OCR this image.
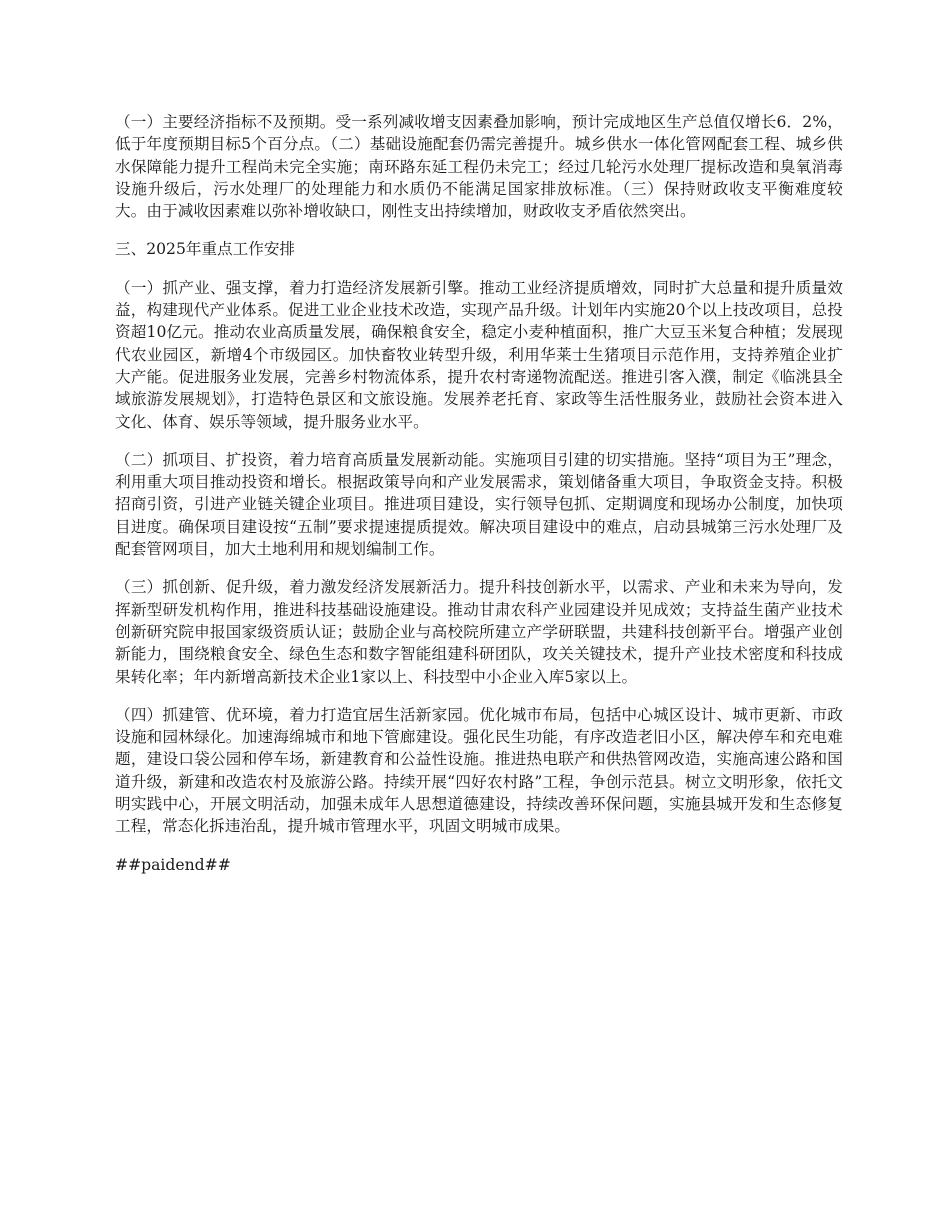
（一）主要经济指标不及预期。受一系列减收增支因素叠加影响，预计完成地区生产总值仅增长6．2%，低于年度预期目标5个百分点。（二）基础设施配套仍需完善提升。城乡供水一体化管网配套工程、城乡供水保障能力提升工程尚未完全实施；南环路东延工程仍未完工；经过几轮污水处理厂提标改造和臭氧消毒设施升级后，污水处理厂的处理能力和水质仍不能满足国家排放标准。（三）保持财政收支平衡难度较大。由于减收因素难以弥补增收缺口，刚性支出持续增加，财政收支矛盾依然突出。

三、2025年重点工作安排

（一）抓产业、强支撑，着力打造经济发展新引擎。推动工业经济提质增效，同时扩大总量和提升质量效益，构建现代产业体系。促进工业企业技术改造，实现产品升级。计划年内实施20个以上技改项目，总投资超10亿元。推动农业高质量发展，确保粮食安全，稳定小麦种植面积，推广大豆玉米复合种植；发展现代农业园区，新增4个市级园区。加快畜牧业转型升级，利用华莱士生猪项目示范作用，支持养殖企业扩大产能。促进服务业发展，完善乡村物流体系，提升农村寄递物流配送。推进引客入濮，制定《临洮县全域旅游发展规划》，打造特色景区和文旅设施。发展养老托育、家政等生活性服务业，鼓励社会资本进入文化、体育、娱乐等领域，提升服务业水平。

（二）抓项目、扩投资，着力培育高质量发展新动能。实施项目引建的切实措施。坚持“项目为王”理念，利用重大项目推动投资和增长。根据政策导向和产业发展需求，策划储备重大项目，争取资金支持。积极招商引资，引进产业链关键企业项目。推进项目建设，实行领导包抓、定期调度和现场办公制度，加快项目进度。确保项目建设按“五制”要求提速提质提效。解决项目建设中的难点，启动县城第三污水处理厂及配套管网项目，加大土地利用和规划编制工作。

（三）抓创新、促升级，着力激发经济发展新活力。提升科技创新水平，以需求、产业和未来为导向，发挥新型研发机构作用，推进科技基础设施建设。推动甘肃农科产业园建设并见成效；支持益生菌产业技术创新研究院申报国家级资质认证；鼓励企业与高校院所建立产学研联盟，共建科技创新平台。增强产业创新能力，围绕粮食安全、绿色生态和数字智能组建科研团队，攻关关键技术，提升产业技术密度和科技成果转化率；年内新增高新技术企业1家以上、科技型中小企业入库5家以上。

（四）抓建管、优环境，着力打造宜居生活新家园。优化城市布局，包括中心城区设计、城市更新、市政设施和园林绿化。加速海绵城市和地下管廊建设。强化民生功能，有序改造老旧小区，解决停车和充电难题，建设口袋公园和停车场，新建教育和公益性设施。推进热电联产和供热管网改造，实施高速公路和国道升级，新建和改造农村及旅游公路。持续开展“四好农村路”工程，争创示范县。树立文明形象，依托文明实践中心，开展文明活动，加强未成年人思想道德建设，持续改善环保问题，实施县城开发和生态修复工程，常态化拆违治乱，提升城市管理水平，巩固文明城市成果。

##paidend##
